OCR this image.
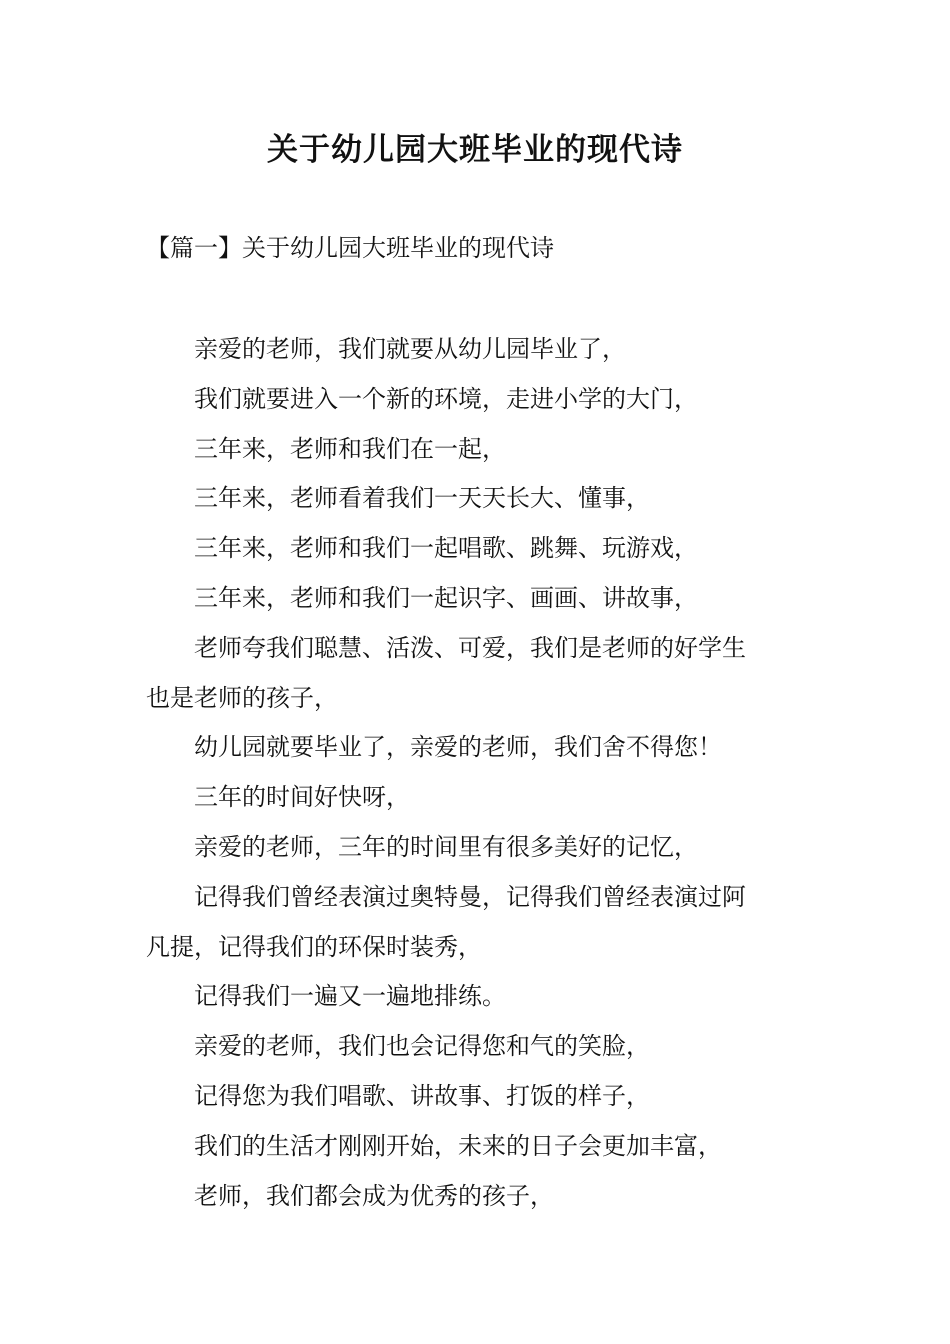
关于幼儿园大班毕业的现代诗

【篇一】关于幼儿园大班毕业的现代诗

亲爱的老师，我们就要从幼儿园毕业了，

我们就要进入一个新的环境，走进小学的大门，

三年来，老师和我们在一起，

三年来，老师看着我们一天天长大、懂事，

三年来，老师和我们一起唱歌、跳舞、玩游戏，

三年来，老师和我们一起识字、画画、讲故事，

老师夸我们聪慧、活泼、可爱，我们是老师的好学生
也是老师的孩子，

幼儿园就要毕业了，亲爱的老师，我们舍不得您！

三年的时间好快呀，

亲爱的老师，三年的时间里有很多美好的记忆，

记得我们曾经表演过奥特曼，记得我们曾经表演过阿
凡提，记得我们的环保时装秀，

记得我们一遍又一遍地排练。

亲爱的老师，我们也会记得您和气的笑脸，

记得您为我们唱歌、讲故事、打饭的样子，

我们的生活才刚刚开始，未来的日子会更加丰富，

老师，我们都会成为优秀的孩子，
